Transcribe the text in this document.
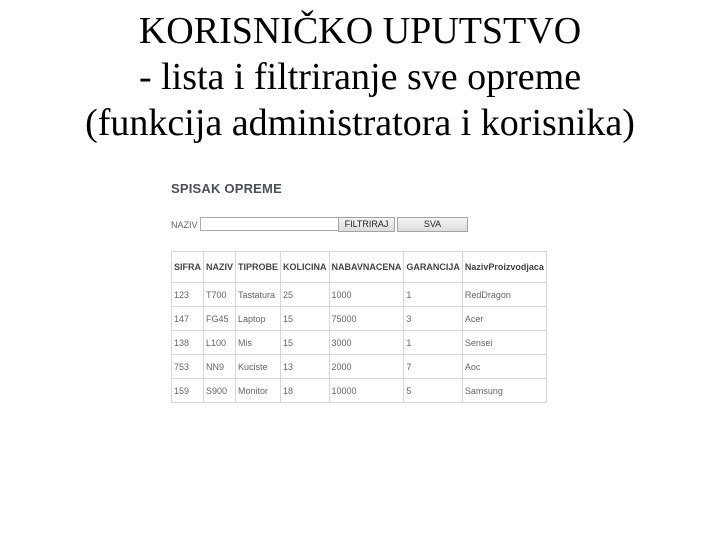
KORISNIČKO UPUTSTVO
- lista i filtriranje sve opreme
(funkcija administratora i korisnika)
SPISAK OPREME
NAZIV	FILTRIRAJ	SVA
SIFRA	NAZIV	TIPROBE	KOLICINA	NABAVNACENA	GARANCIJA	NazivProizvodjaca
123	T700	Tastatura	25	1000	1	RedDragon
147	FG45	Laptop	15	75000	3	Acer
138	L100	Mis	15	3000	1	Sensei
753	NN9	Kuciste	13	2000	7	Aoc
159	S900	Monitor	18	10000	5	Samsung
